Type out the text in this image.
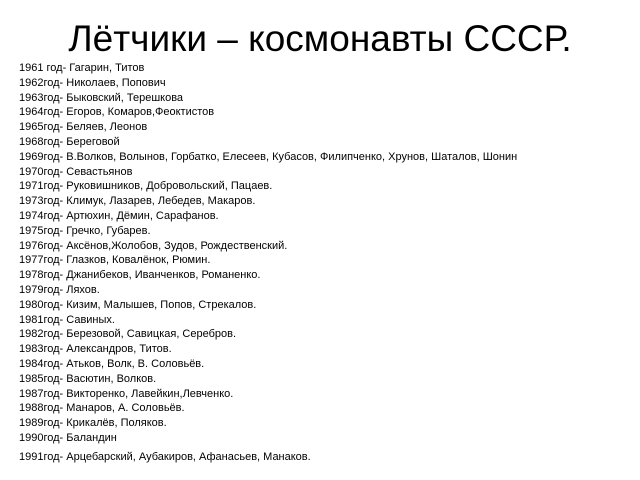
Лётчики – космонавты СССР.
1961 год- Гагарин, Титов
1962год- Николаев, Попович
1963год- Быковский, Терешкова
1964год- Егоров, Комаров,Феоктистов
1965год- Беляев, Леонов
1968год- Береговой
1969год- В.Волков, Волынов, Горбатко, Елесеев, Кубасов, Филипченко, Хрунов, Шаталов, Шонин
1970год- Севастьянов
1971год- Руковишников, Добровольский, Пацаев.
1973год- Климук, Лазарев, Лебедев, Макаров.
1974год- Артюхин, Дёмин, Сарафанов.
1975год- Гречко, Губарев.
1976год- Аксёнов,Жолобов, Зудов, Рождественский.
1977год- Глазков, Ковалёнок, Рюмин.
1978год- Джанибеков, Иванченков, Романенко.
1979год- Ляхов.
1980год- Кизим, Малышев, Попов, Стрекалов.
1981год- Савиных.
1982год- Березовой, Савицкая, Серебров.
1983год- Александров, Титов.
1984год- Атьков, Волк, В. Соловьёв.
1985год- Васютин, Волков.
1987год- Викторенко, Лавейкин,Левченко.
1988год- Манаров, А. Соловьёв.
1989год- Крикалёв, Поляков.
1990год- Баландин
1991год- Арцебарский, Аубакиров, Афанасьев, Манаков.
